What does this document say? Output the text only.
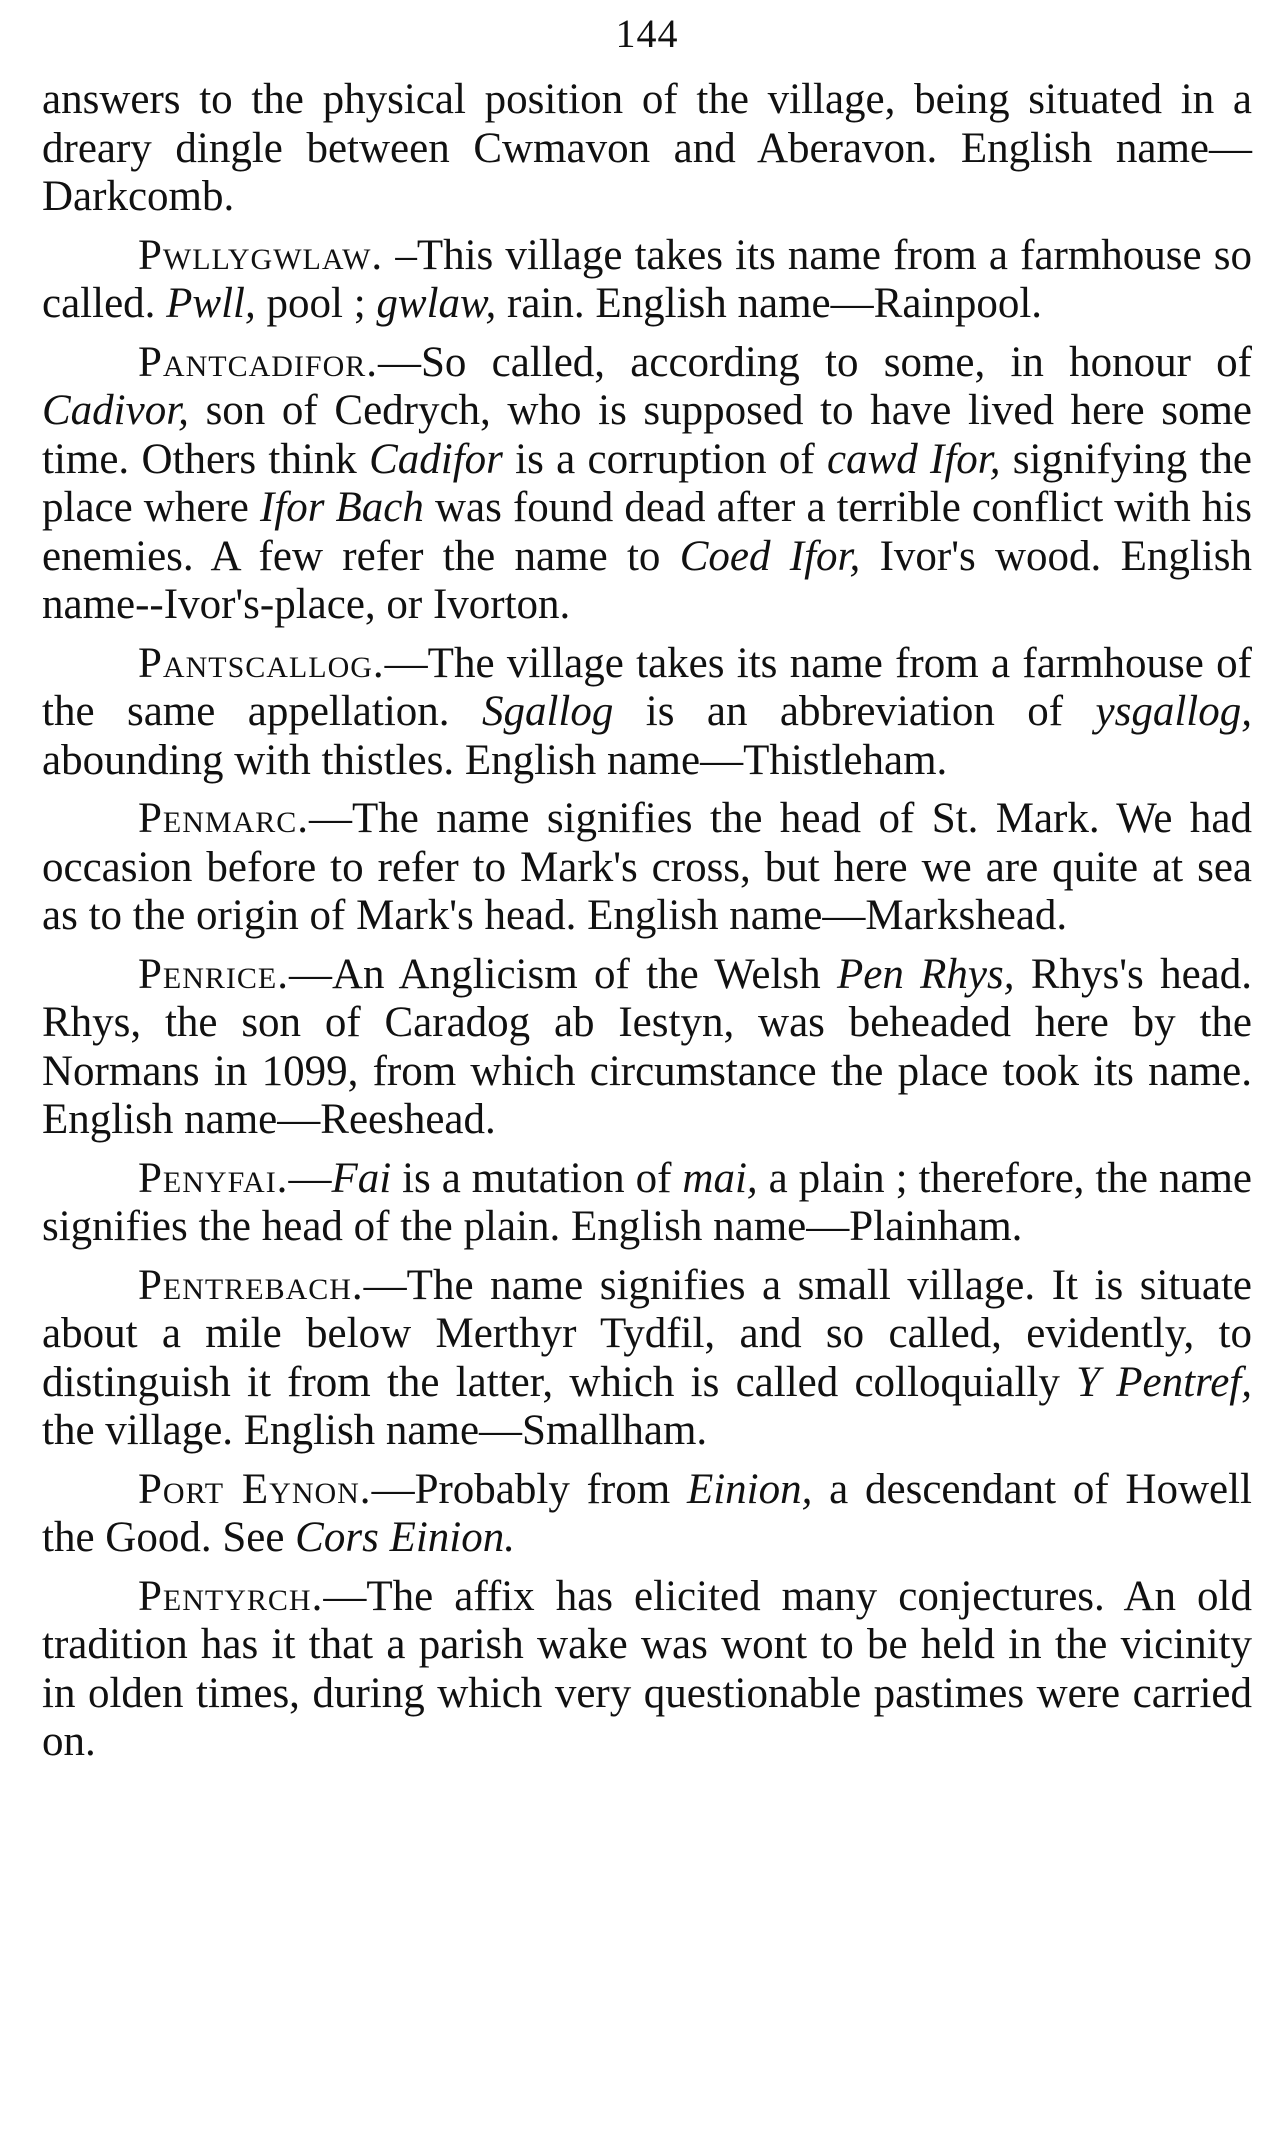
144

answers to the physical position of the village, being situated in a dreary dingle between Cwmavon and Aberavon. English name—Darkcomb.

Pwllygwlaw. –This village takes its name from a farmhouse so called. Pwll, pool ; gwlaw, rain. English name—Rainpool.

Pantcadifor.—So called, according to some, in honour of Cadivor, son of Cedrych, who is supposed to have lived here some time. Others think Cadifor is a corruption of cawd Ifor, signifying the place where Ifor Bach was found dead after a terrible conflict with his enemies. A few refer the name to Coed Ifor, Ivor's wood. English name--Ivor's-place, or Ivorton.

Pantscallog.—The village takes its name from a farmhouse of the same appellation. Sgallog is an abbreviation of ysgallog, abounding with thistles. English name—Thistleham.

Penmarc.—The name signifies the head of St. Mark. We had occasion before to refer to Mark's cross, but here we are quite at sea as to the origin of Mark's head. English name—Markshead.

Penrice.—An Anglicism of the Welsh Pen Rhys, Rhys's head. Rhys, the son of Caradog ab Iestyn, was beheaded here by the Normans in 1099, from which circumstance the place took its name. English name—Reeshead.

Penyfai.—Fai is a mutation of mai, a plain ; therefore, the name signifies the head of the plain. English name—Plainham.

Pentrebach.—The name signifies a small village. It is situate about a mile below Merthyr Tydfil, and so called, evidently, to distinguish it from the latter, which is called colloquially Y Pentref, the village. English name—Smallham.

Port Eynon.—Probably from Einion, a descendant of Howell the Good. See Cors Einion.

Pentyrch.—The affix has elicited many conjectures. An old tradition has it that a parish wake was wont to be held in the vicinity in olden times, during which very questionable pastimes were carried on.
